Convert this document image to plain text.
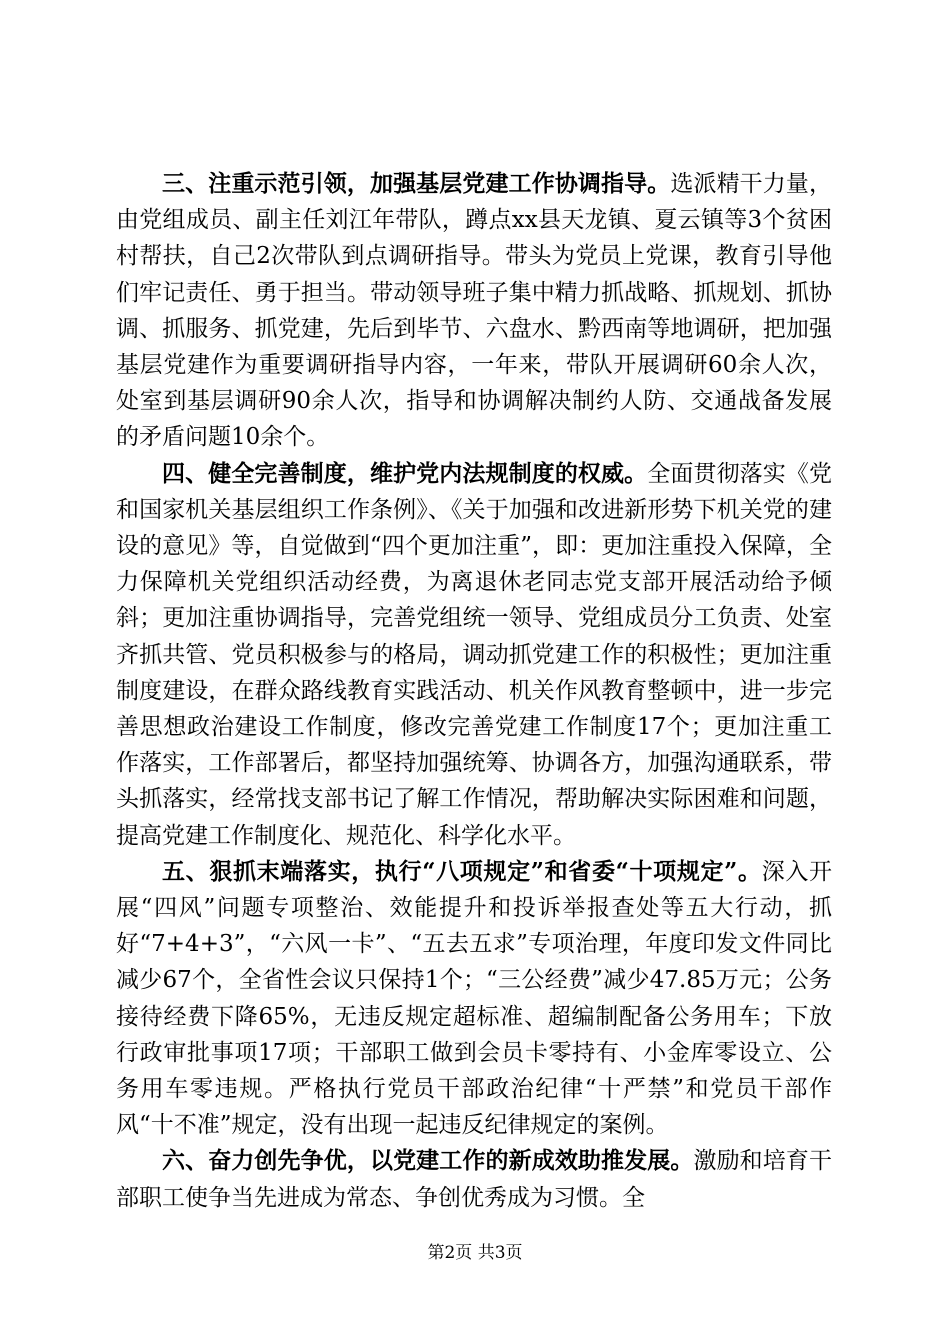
三、注重示范引领，加强基层党建工作协调指导。选派精干力量，由党组成员、副主任刘江年带队，蹲点xx县天龙镇、夏云镇等3个贫困村帮扶，自己2次带队到点调研指导。带头为党员上党课，教育引导他们牢记责任、勇于担当。带动领导班子集中精力抓战略、抓规划、抓协调、抓服务、抓党建，先后到毕节、六盘水、黔西南等地调研，把加强基层党建作为重要调研指导内容，一年来，带队开展调研60余人次，处室到基层调研90余人次，指导和协调解决制约人防、交通战备发展的矛盾问题10余个。

四、健全完善制度，维护党内法规制度的权威。全面贯彻落实《党和国家机关基层组织工作条例》、《关于加强和改进新形势下机关党的建设的意见》等，自觉做到“四个更加注重”，即：更加注重投入保障，全力保障机关党组织活动经费，为离退休老同志党支部开展活动给予倾斜；更加注重协调指导，完善党组统一领导、党组成员分工负责、处室齐抓共管、党员积极参与的格局，调动抓党建工作的积极性；更加注重制度建设，在群众路线教育实践活动、机关作风教育整顿中，进一步完善思想政治建设工作制度，修改完善党建工作制度17个；更加注重工作落实，工作部署后，都坚持加强统筹、协调各方，加强沟通联系，带头抓落实，经常找支部书记了解工作情况，帮助解决实际困难和问题，提高党建工作制度化、规范化、科学化水平。

五、狠抓末端落实，执行“八项规定”和省委“十项规定”。深入开展“四风”问题专项整治、效能提升和投诉举报查处等五大行动，抓好“7+4+3”，“六风一卡”、“五去五求”专项治理，年度印发文件同比减少67个，全省性会议只保持1个；“三公经费”减少47.85万元；公务接待经费下降65%，无违反规定超标准、超编制配备公务用车；下放行政审批事项17项；干部职工做到会员卡零持有、小金库零设立、公务用车零违规。严格执行党员干部政治纪律“十严禁”和党员干部作风“十不准”规定，没有出现一起违反纪律规定的案例。

六、奋力创先争优，以党建工作的新成效助推发展。激励和培育干部职工使争当先进成为常态、争创优秀成为习惯。全

第2页 共3页
